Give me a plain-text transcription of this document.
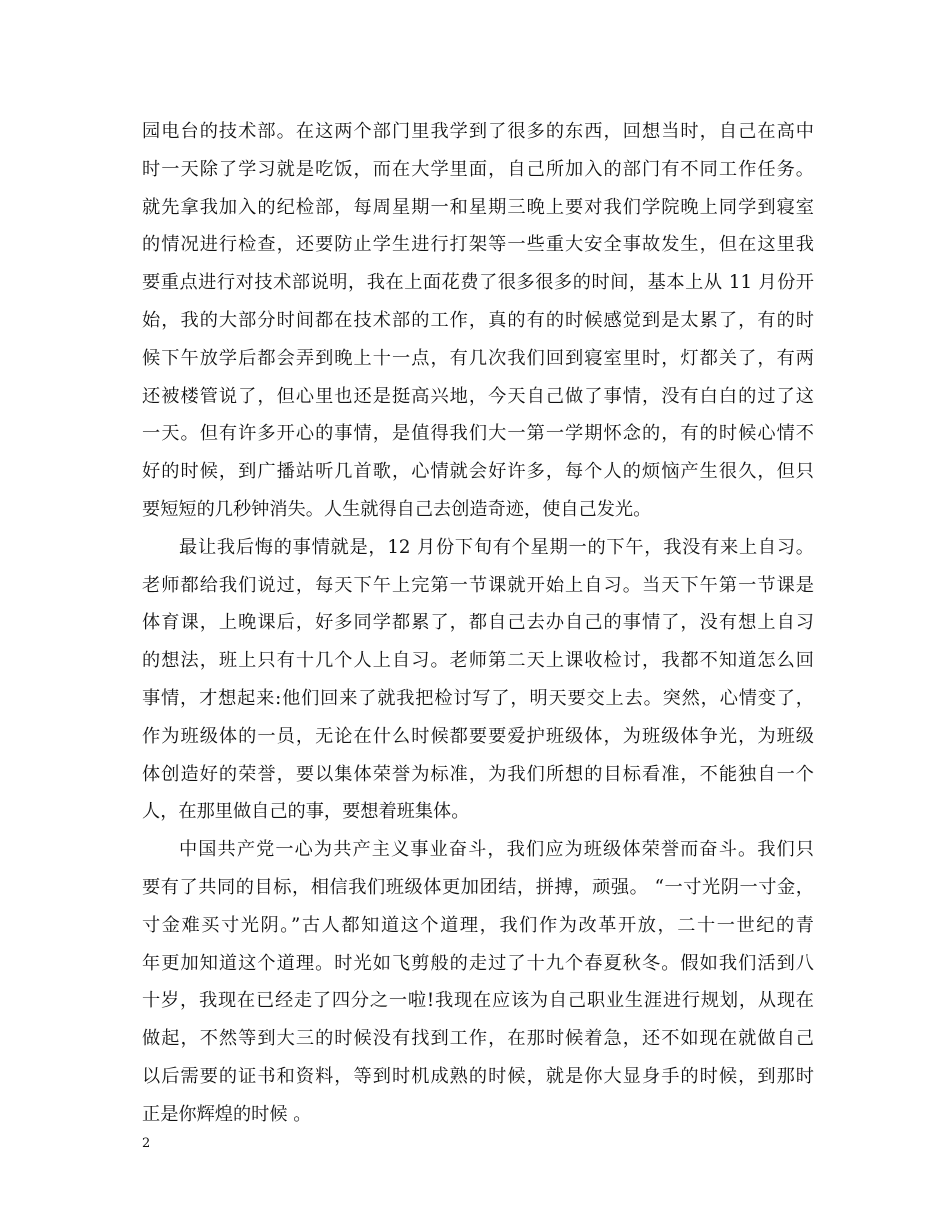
园电台的技术部。在这两个部门里我学到了很多的东西，回想当时，自己在高中
时一天除了学习就是吃饭，而在大学里面，自己所加入的部门有不同工作任务。
就先拿我加入的纪检部，每周星期一和星期三晚上要对我们学院晚上同学到寝室
的情况进行检查，还要防止学生进行打架等一些重大安全事故发生，但在这里我
要重点进行对技术部说明，我在上面花费了很多很多的时间，基本上从 11 月份开
始，我的大部分时间都在技术部的工作，真的有的时候感觉到是太累了，有的时
候下午放学后都会弄到晚上十一点，有几次我们回到寝室里时，灯都关了，有两
还被楼管说了，但心里也还是挺高兴地，今天自己做了事情，没有白白的过了这
一天。但有许多开心的事情，是值得我们大一第一学期怀念的，有的时候心情不
好的时候，到广播站听几首歌，心情就会好许多，每个人的烦恼产生很久，但只
要短短的几秒钟消失。人生就得自己去创造奇迹，使自己发光。
最让我后悔的事情就是，12 月份下旬有个星期一的下午，我没有来上自习。
老师都给我们说过，每天下午上完第一节课就开始上自习。当天下午第一节课是
体育课，上晚课后，好多同学都累了，都自己去办自己的事情了，没有想上自习
的想法，班上只有十几个人上自习。老师第二天上课收检讨，我都不知道怎么回
事情，才想起来:他们回来了就我把检讨写了，明天要交上去。突然，心情变了，
作为班级体的一员，无论在什么时候都要要爱护班级体，为班级体争光，为班级
体创造好的荣誉，要以集体荣誉为标准，为我们所想的目标看准，不能独自一个
人，在那里做自己的事，要想着班集体。
中国共产党一心为共产主义事业奋斗，我们应为班级体荣誉而奋斗。我们只
要有了共同的目标，相信我们班级体更加团结，拼搏，顽强。 “一寸光阴一寸金，
寸金难买寸光阴。”古人都知道这个道理，我们作为改革开放，二十一世纪的青
年更加知道这个道理。时光如飞剪般的走过了十九个春夏秋冬。假如我们活到八
十岁，我现在已经走了四分之一啦!我现在应该为自己职业生涯进行规划，从现在
做起，不然等到大三的时候没有找到工作，在那时候着急，还不如现在就做自己
以后需要的证书和资料，等到时机成熟的时候，就是你大显身手的时候，到那时
正是你辉煌的时候 。
2
